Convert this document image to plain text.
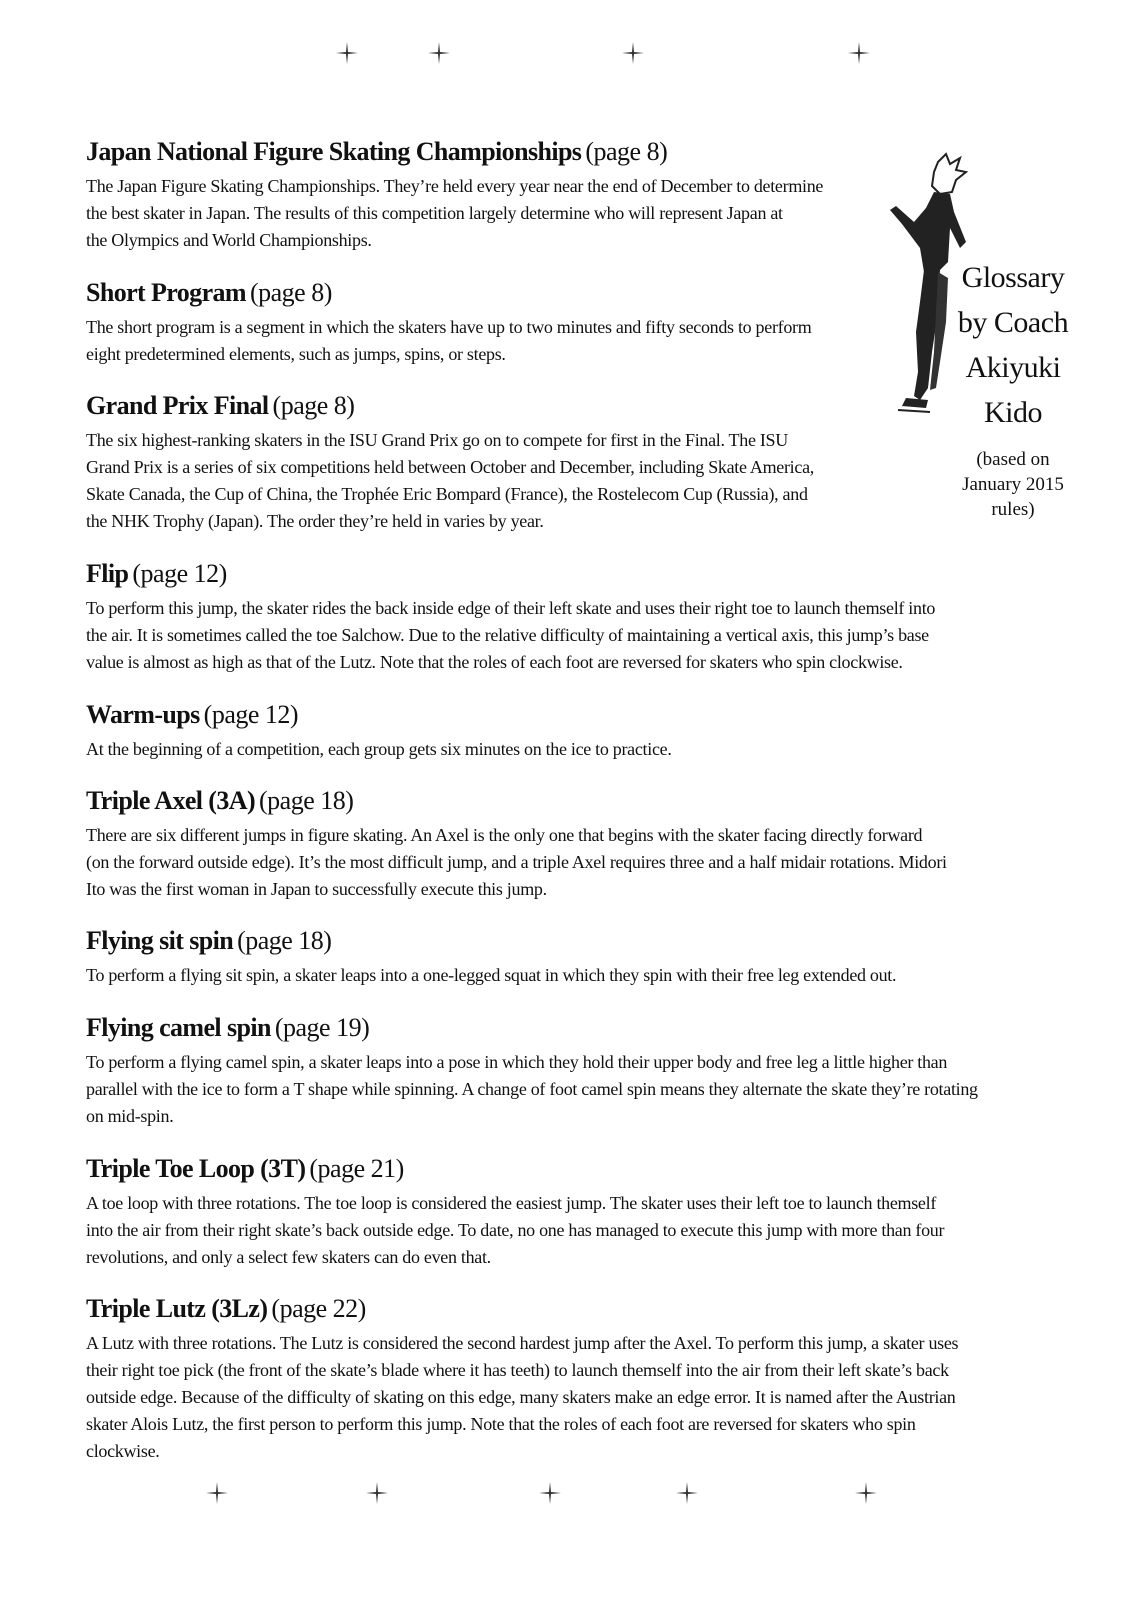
Glossary
by Coach
Akiyuki
Kido
(based on
January 2015
rules)

Japan National Figure Skating Championships (page 8)

The Japan Figure Skating Championships. They’re held every year near the end of December to determine

the best skater in Japan. The results of this competition largely determine who will represent Japan at

the Olympics and World Championships.

Short Program (page 8)

The short program is a segment in which the skaters have up to two minutes and fifty seconds to perform

eight predetermined elements, such as jumps, spins, or steps.

Grand Prix Final (page 8)

The six highest-ranking skaters in the ISU Grand Prix go on to compete for first in the Final. The ISU

Grand Prix is a series of six competitions held between October and December, including Skate America,

Skate Canada, the Cup of China, the Trophée Eric Bompard (France), the Rostelecom Cup (Russia), and

the NHK Trophy (Japan). The order they’re held in varies by year.

Flip (page 12)

To perform this jump, the skater rides the back inside edge of their left skate and uses their right toe to launch themself into

the air. It is sometimes called the toe Salchow. Due to the relative difficulty of maintaining a vertical axis, this jump’s base

value is almost as high as that of the Lutz. Note that the roles of each foot are reversed for skaters who spin clockwise.

Warm-ups (page 12)

At the beginning of a competition, each group gets six minutes on the ice to practice.

Triple Axel (3A) (page 18)

There are six different jumps in figure skating. An Axel is the only one that begins with the skater facing directly forward

(on the forward outside edge). It’s the most difficult jump, and a triple Axel requires three and a half midair rotations. Midori

Ito was the first woman in Japan to successfully execute this jump.

Flying sit spin (page 18)

To perform a flying sit spin, a skater leaps into a one-legged squat in which they spin with their free leg extended out.

Flying camel spin (page 19)

To perform a flying camel spin, a skater leaps into a pose in which they hold their upper body and free leg a little higher than

parallel with the ice to form a T shape while spinning. A change of foot camel spin means they alternate the skate they’re rotating

on mid-spin.

Triple Toe Loop (3T) (page 21)

A toe loop with three rotations. The toe loop is considered the easiest jump. The skater uses their left toe to launch themself

into the air from their right skate’s back outside edge. To date, no one has managed to execute this jump with more than four

revolutions, and only a select few skaters can do even that.

Triple Lutz (3Lz) (page 22)

A Lutz with three rotations. The Lutz is considered the second hardest jump after the Axel. To perform this jump, a skater uses

their right toe pick (the front of the skate’s blade where it has teeth) to launch themself into the air from their left skate’s back

outside edge. Because of the difficulty of skating on this edge, many skaters make an edge error. It is named after the Austrian

skater Alois Lutz, the first person to perform this jump. Note that the roles of each foot are reversed for skaters who spin

clockwise.
